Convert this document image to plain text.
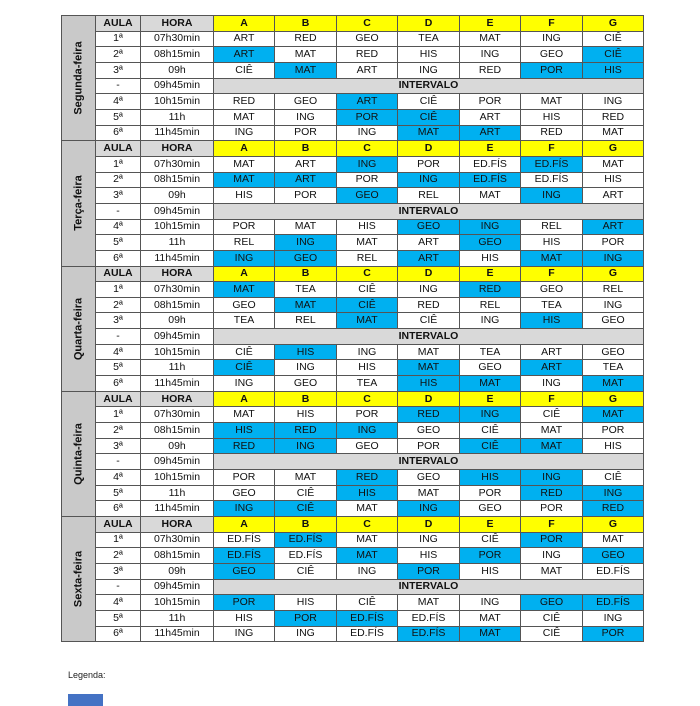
Segunda-feira	AULA	HORA	A	B	C	D	E	F	G
	1ª	07h30min	ART	RED	GEO	TEA	MAT	ING	CIÊ
	2ª	08h15min	ART	MAT	RED	HIS	ING	GEO	CIÊ
	3ª	09h	CIÊ	MAT	ART	ING	RED	POR	HIS
	-	09h45min	INTERVALO						
	4ª	10h15min	RED	GEO	ART	CIÊ	POR	MAT	ING
	5ª	11h	MAT	ING	POR	CIÊ	ART	HIS	RED
	6ª	11h45min	ING	POR	ING	MAT	ART	RED	MAT

Terça-feira	AULA	HORA	A	B	C	D	E	F	G
	1ª	07h30min	MAT	ART	ING	POR	ED.FÍS	ED.FÍS	MAT
	2ª	08h15min	MAT	ART	POR	ING	ED.FÍS	ED.FÍS	HIS
	3ª	09h	HIS	POR	GEO	REL	MAT	ING	ART
	-	09h45min	INTERVALO						
	4ª	10h15min	POR	MAT	HIS	GEO	ING	REL	ART
	5ª	11h	REL	ING	MAT	ART	GEO	HIS	POR
	6ª	11h45min	ING	GEO	REL	ART	HIS	MAT	ING

Quarta-feira	AULA	HORA	A	B	C	D	E	F	G
	1ª	07h30min	MAT	TEA	CIÊ	ING	RED	GEO	REL
	2ª	08h15min	GEO	MAT	CIÊ	RED	REL	TEA	ING
	3ª	09h	TEA	REL	MAT	CIÊ	ING	HIS	GEO
	-	09h45min	INTERVALO						
	4ª	10h15min	CIÊ	HIS	ING	MAT	TEA	ART	GEO
	5ª	11h	CIÊ	ING	HIS	MAT	GEO	ART	TEA
	6ª	11h45min	ING	GEO	TEA	HIS	MAT	ING	MAT

Quinta-feira	AULA	HORA	A	B	C	D	E	F	G
	1ª	07h30min	MAT	HIS	POR	RED	ING	CIÊ	MAT
	2ª	08h15min	HIS	RED	ING	GEO	CIÊ	MAT	POR
	3ª	09h	RED	ING	GEO	POR	CIÊ	MAT	HIS
	-	09h45min	INTERVALO						
	4ª	10h15min	POR	MAT	RED	GEO	HIS	ING	CIÊ
	5ª	11h	GEO	CIÊ	HIS	MAT	POR	RED	ING
	6ª	11h45min	ING	CIÊ	MAT	ING	GEO	POR	RED

Sexta-feira	AULA	HORA	A	B	C	D	E	F	G
	1ª	07h30min	ED.FÍS	ED.FÍS	MAT	ING	CIÊ	POR	MAT
	2ª	08h15min	ED.FÍS	ED.FÍS	MAT	HIS	POR	ING	GEO
	3ª	09h	GEO	CIÊ	ING	POR	HIS	MAT	ED.FÍS
	-	09h45min	INTERVALO						
	4ª	10h15min	POR	HIS	CIÊ	MAT	ING	GEO	ED.FÍS
	5ª	11h	HIS	POR	ED.FÍS	ED.FÍS	MAT	CIÊ	ING
	6ª	11h45min	ING	ING	ED.FÍS	ED.FÍS	MAT	CIÊ	POR
Legenda:
